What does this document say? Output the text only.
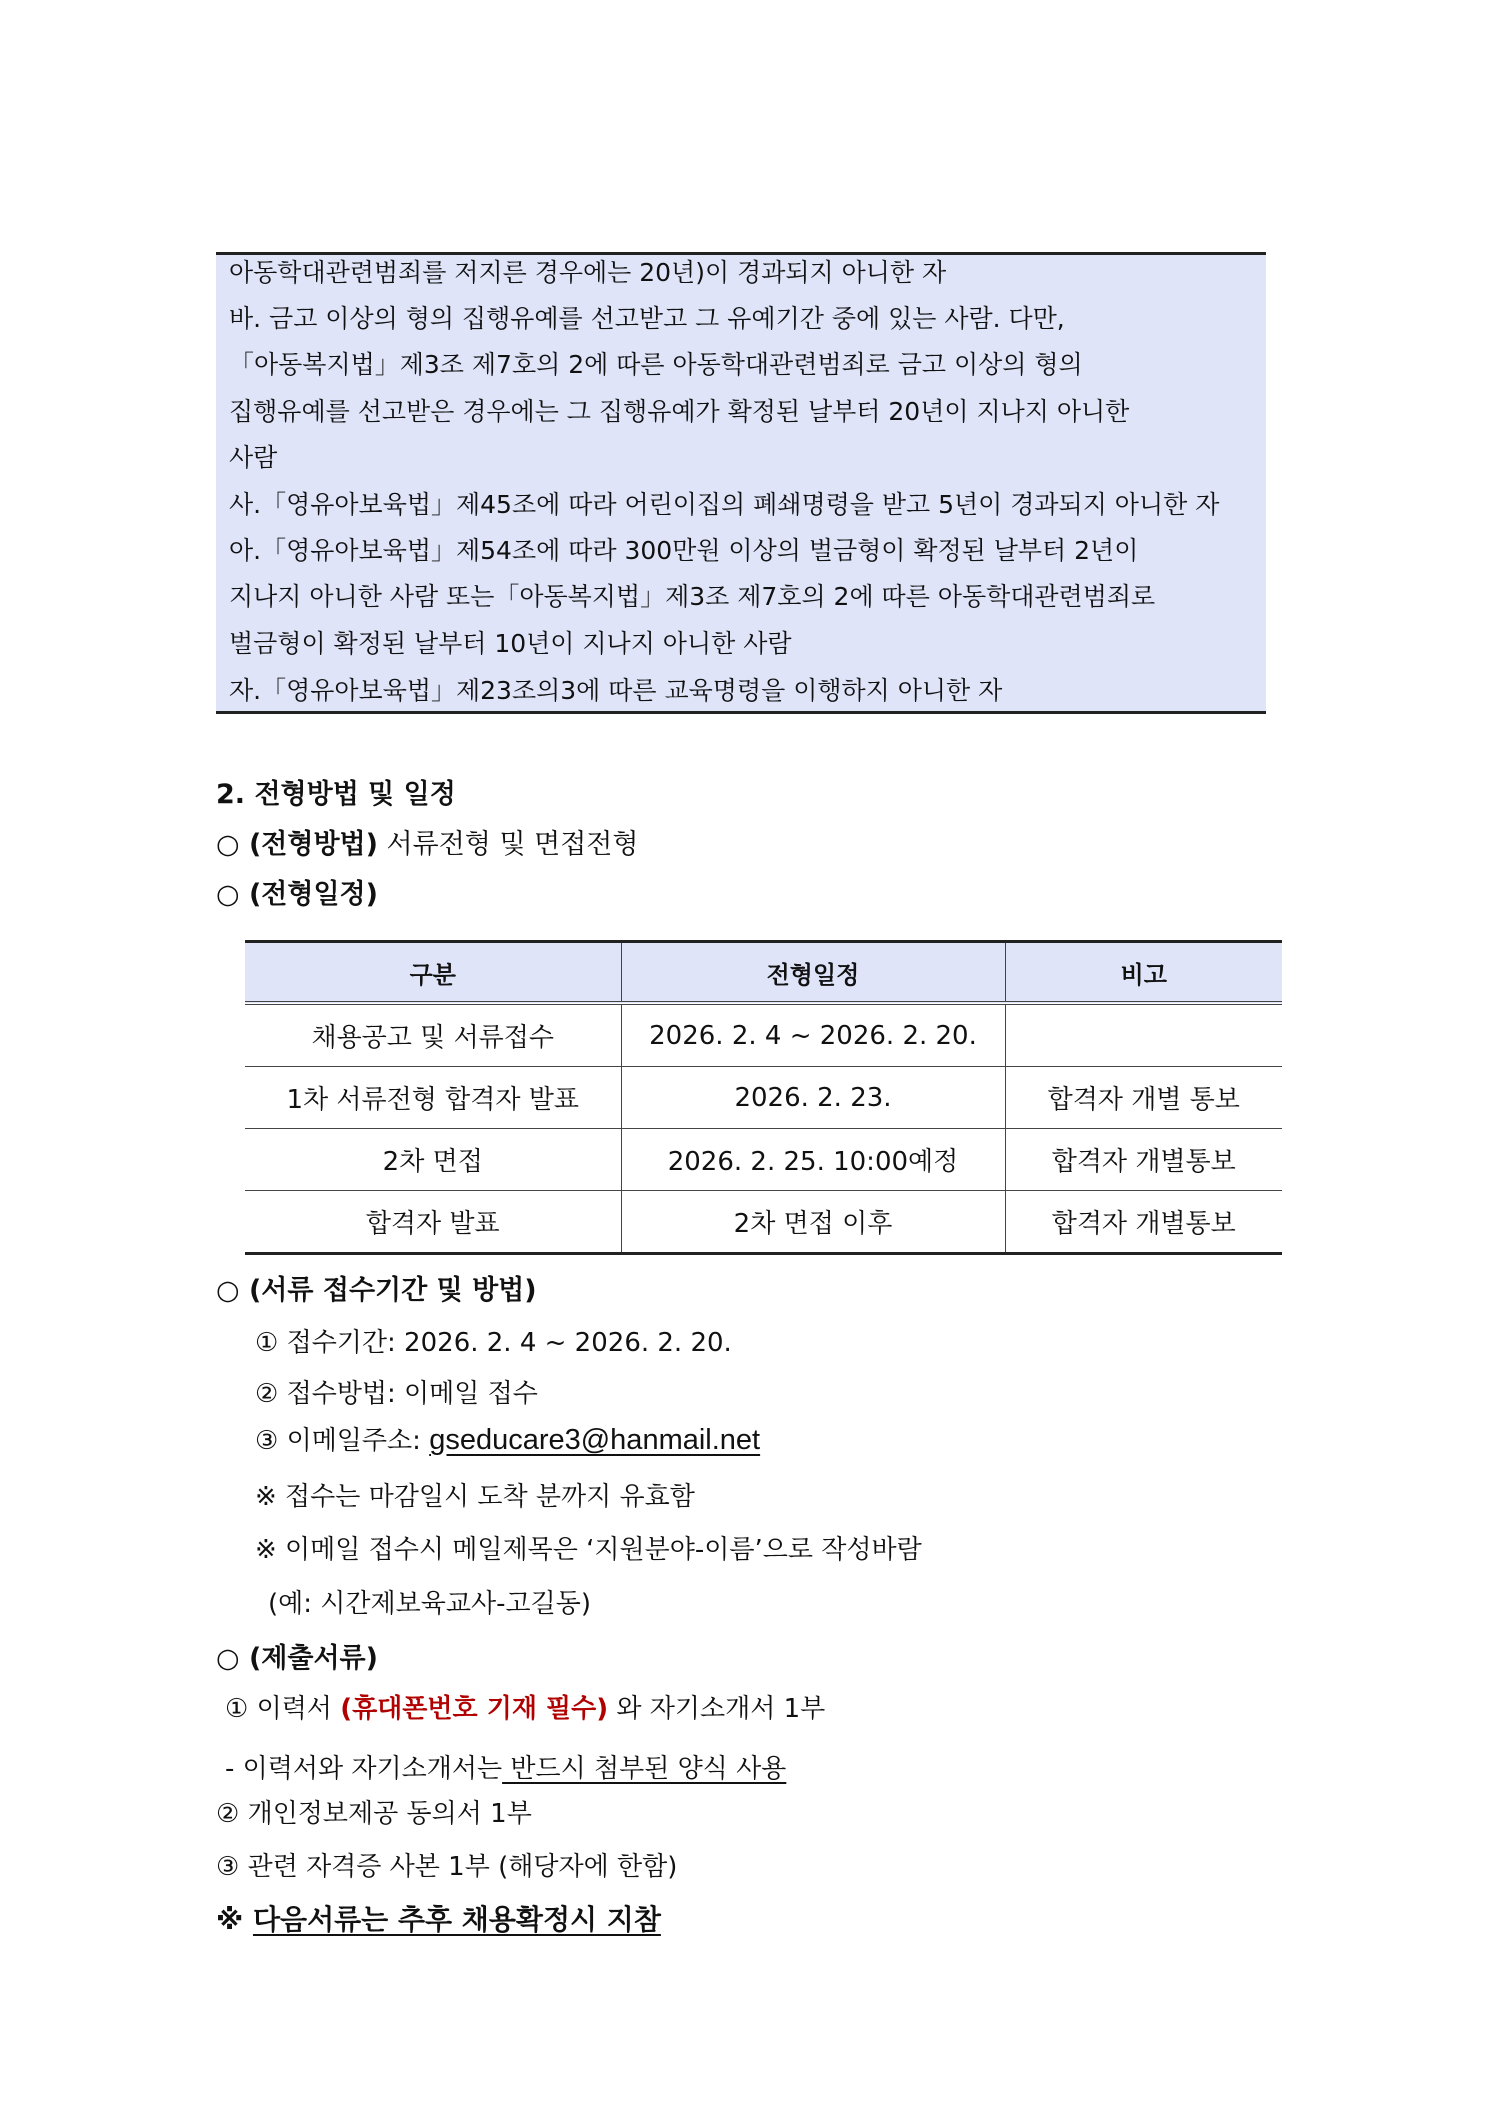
아동학대관련범죄를 저지른 경우에는 20년)이 경과되지 아니한 자
바. 금고 이상의 형의 집행유예를 선고받고 그 유예기간 중에 있는 사람. 다만,
「아동복지법」제3조 제7호의 2에 따른 아동학대관련범죄로 금고 이상의 형의
집행유예를 선고받은 경우에는 그 집행유예가 확정된 날부터 20년이 지나지 아니한
사람
사.「영유아보육법」제45조에 따라 어린이집의 폐쇄명령을 받고 5년이 경과되지 아니한 자
아.「영유아보육법」제54조에 따라 300만원 이상의 벌금형이 확정된 날부터 2년이
지나지 아니한 사람 또는「아동복지법」제3조 제7호의 2에 따른 아동학대관련범죄로
벌금형이 확정된 날부터 10년이 지나지 아니한 사람
자.「영유아보육법」제23조의3에 따른 교육명령을 이행하지 아니한 자
2. 전형방법 및 일정
○ (전형방법) 서류전형 및 면접전형
○ (전형일정)
구분	전형일정	비고
채용공고 및 서류접수	2026. 2. 4 ~ 2026. 2. 20.	
1차 서류전형 합격자 발표	2026. 2. 23.	합격자 개별 통보
2차 면접	2026. 2. 25. 10:00예정	합격자 개별통보
합격자 발표	2차 면접 이후	합격자 개별통보
○ (서류 접수기간 및 방법)
① 접수기간: 2026. 2. 4 ~ 2026. 2. 20.
② 접수방법: 이메일 접수
③ 이메일주소: gseducare3@hanmail.net
※ 접수는 마감일시 도착 분까지 유효함
※ 이메일 접수시 메일제목은 ‘지원분야-이름’으로 작성바람
(예: 시간제보육교사-고길동)
○ (제출서류)
① 이력서 (휴대폰번호 기재 필수) 와 자기소개서 1부
- 이력서와 자기소개서는 반드시 첨부된 양식 사용
② 개인정보제공 동의서 1부
③ 관련 자격증 사본 1부 (해당자에 한함)
※ 다음서류는 추후 채용확정시 지참
